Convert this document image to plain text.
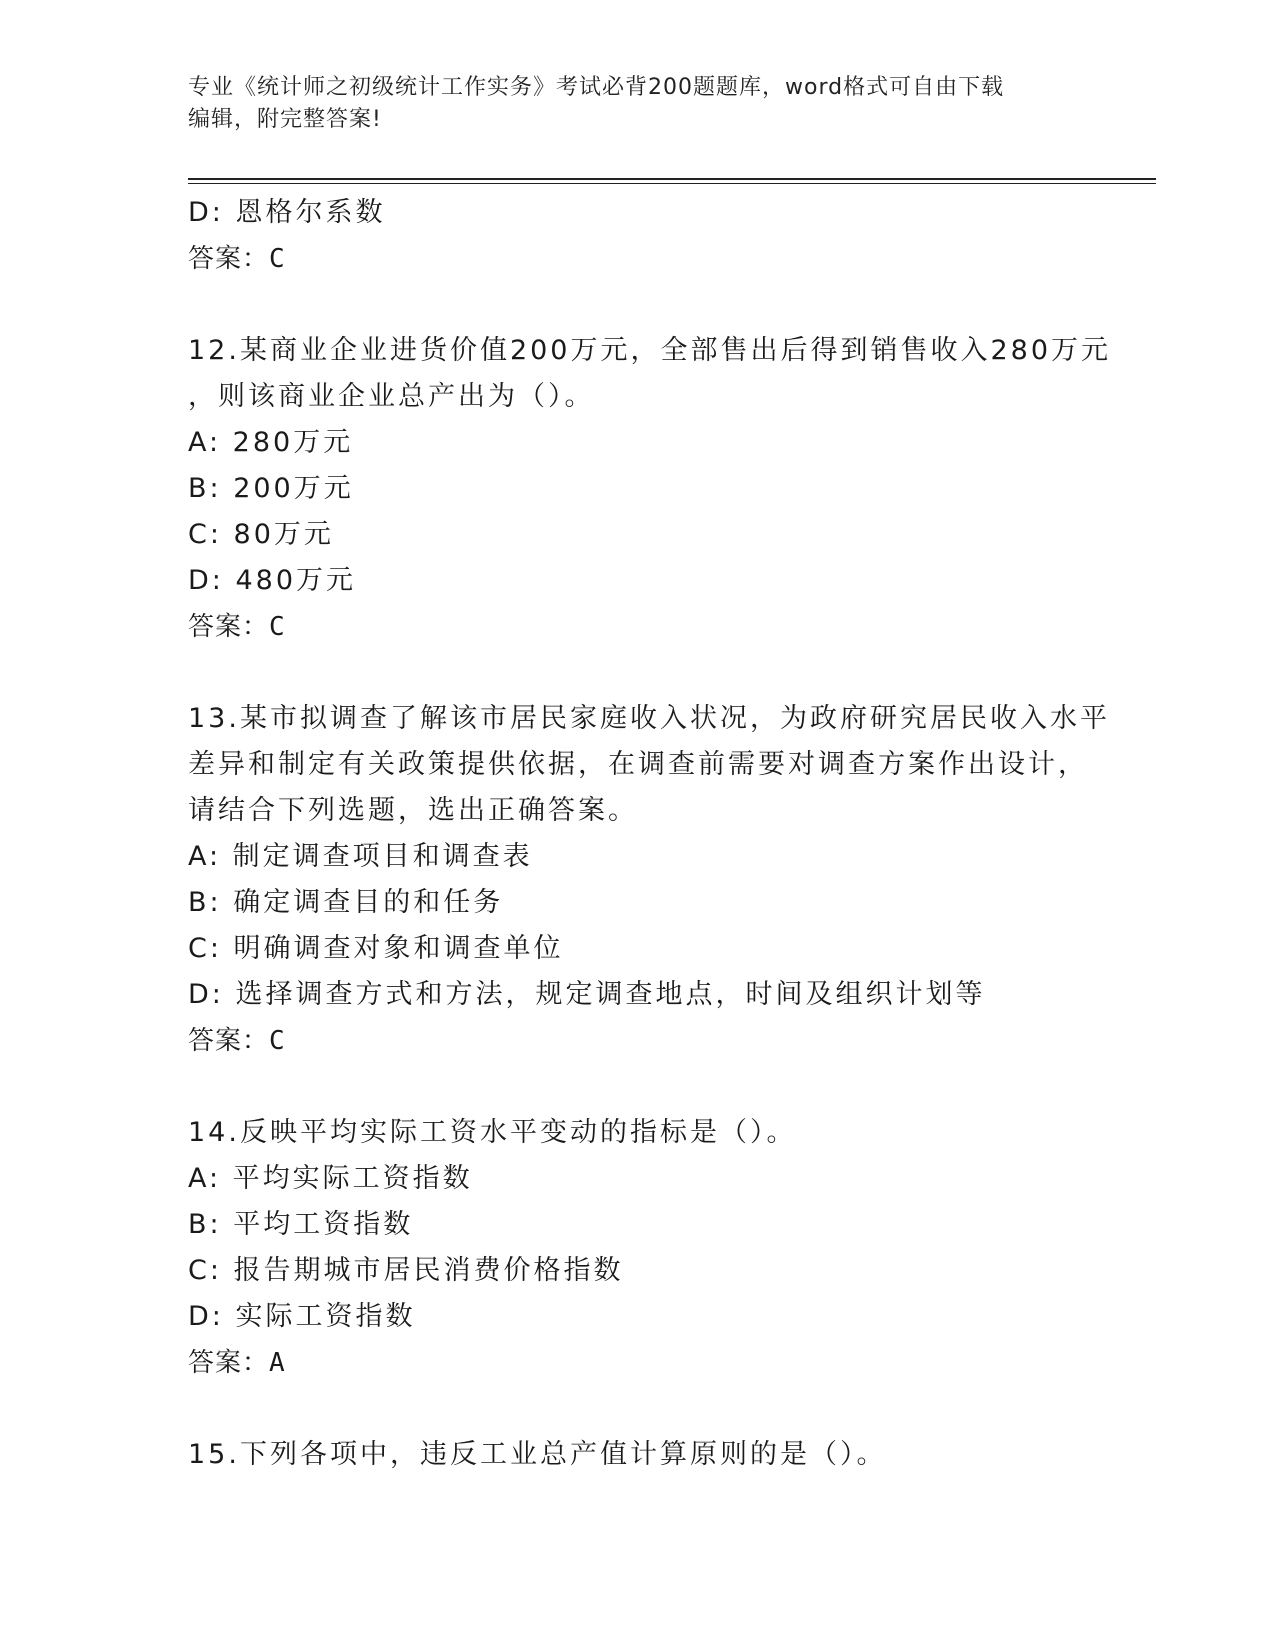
专业《统计师之初级统计工作实务》考试必背200题题库，word格式可自由下载
编辑，附完整答案!
D: 恩格尔系数
答案：C
12.某商业企业进货价值200万元，全部售出后得到销售收入280万元
，则该商业企业总产出为（）。
A: 280万元
B: 200万元
C: 80万元
D: 480万元
答案：C
13.某市拟调查了解该市居民家庭收入状况，为政府研究居民收入水平
差异和制定有关政策提供依据，在调查前需要对调查方案作出设计，
请结合下列选题，选出正确答案。
A: 制定调查项目和调查表
B: 确定调查目的和任务
C: 明确调查对象和调查单位
D: 选择调查方式和方法，规定调查地点，时间及组织计划等
答案：C
14.反映平均实际工资水平变动的指标是（）。
A: 平均实际工资指数
B: 平均工资指数
C: 报告期城市居民消费价格指数
D: 实际工资指数
答案：A
15.下列各项中，违反工业总产值计算原则的是（）。
